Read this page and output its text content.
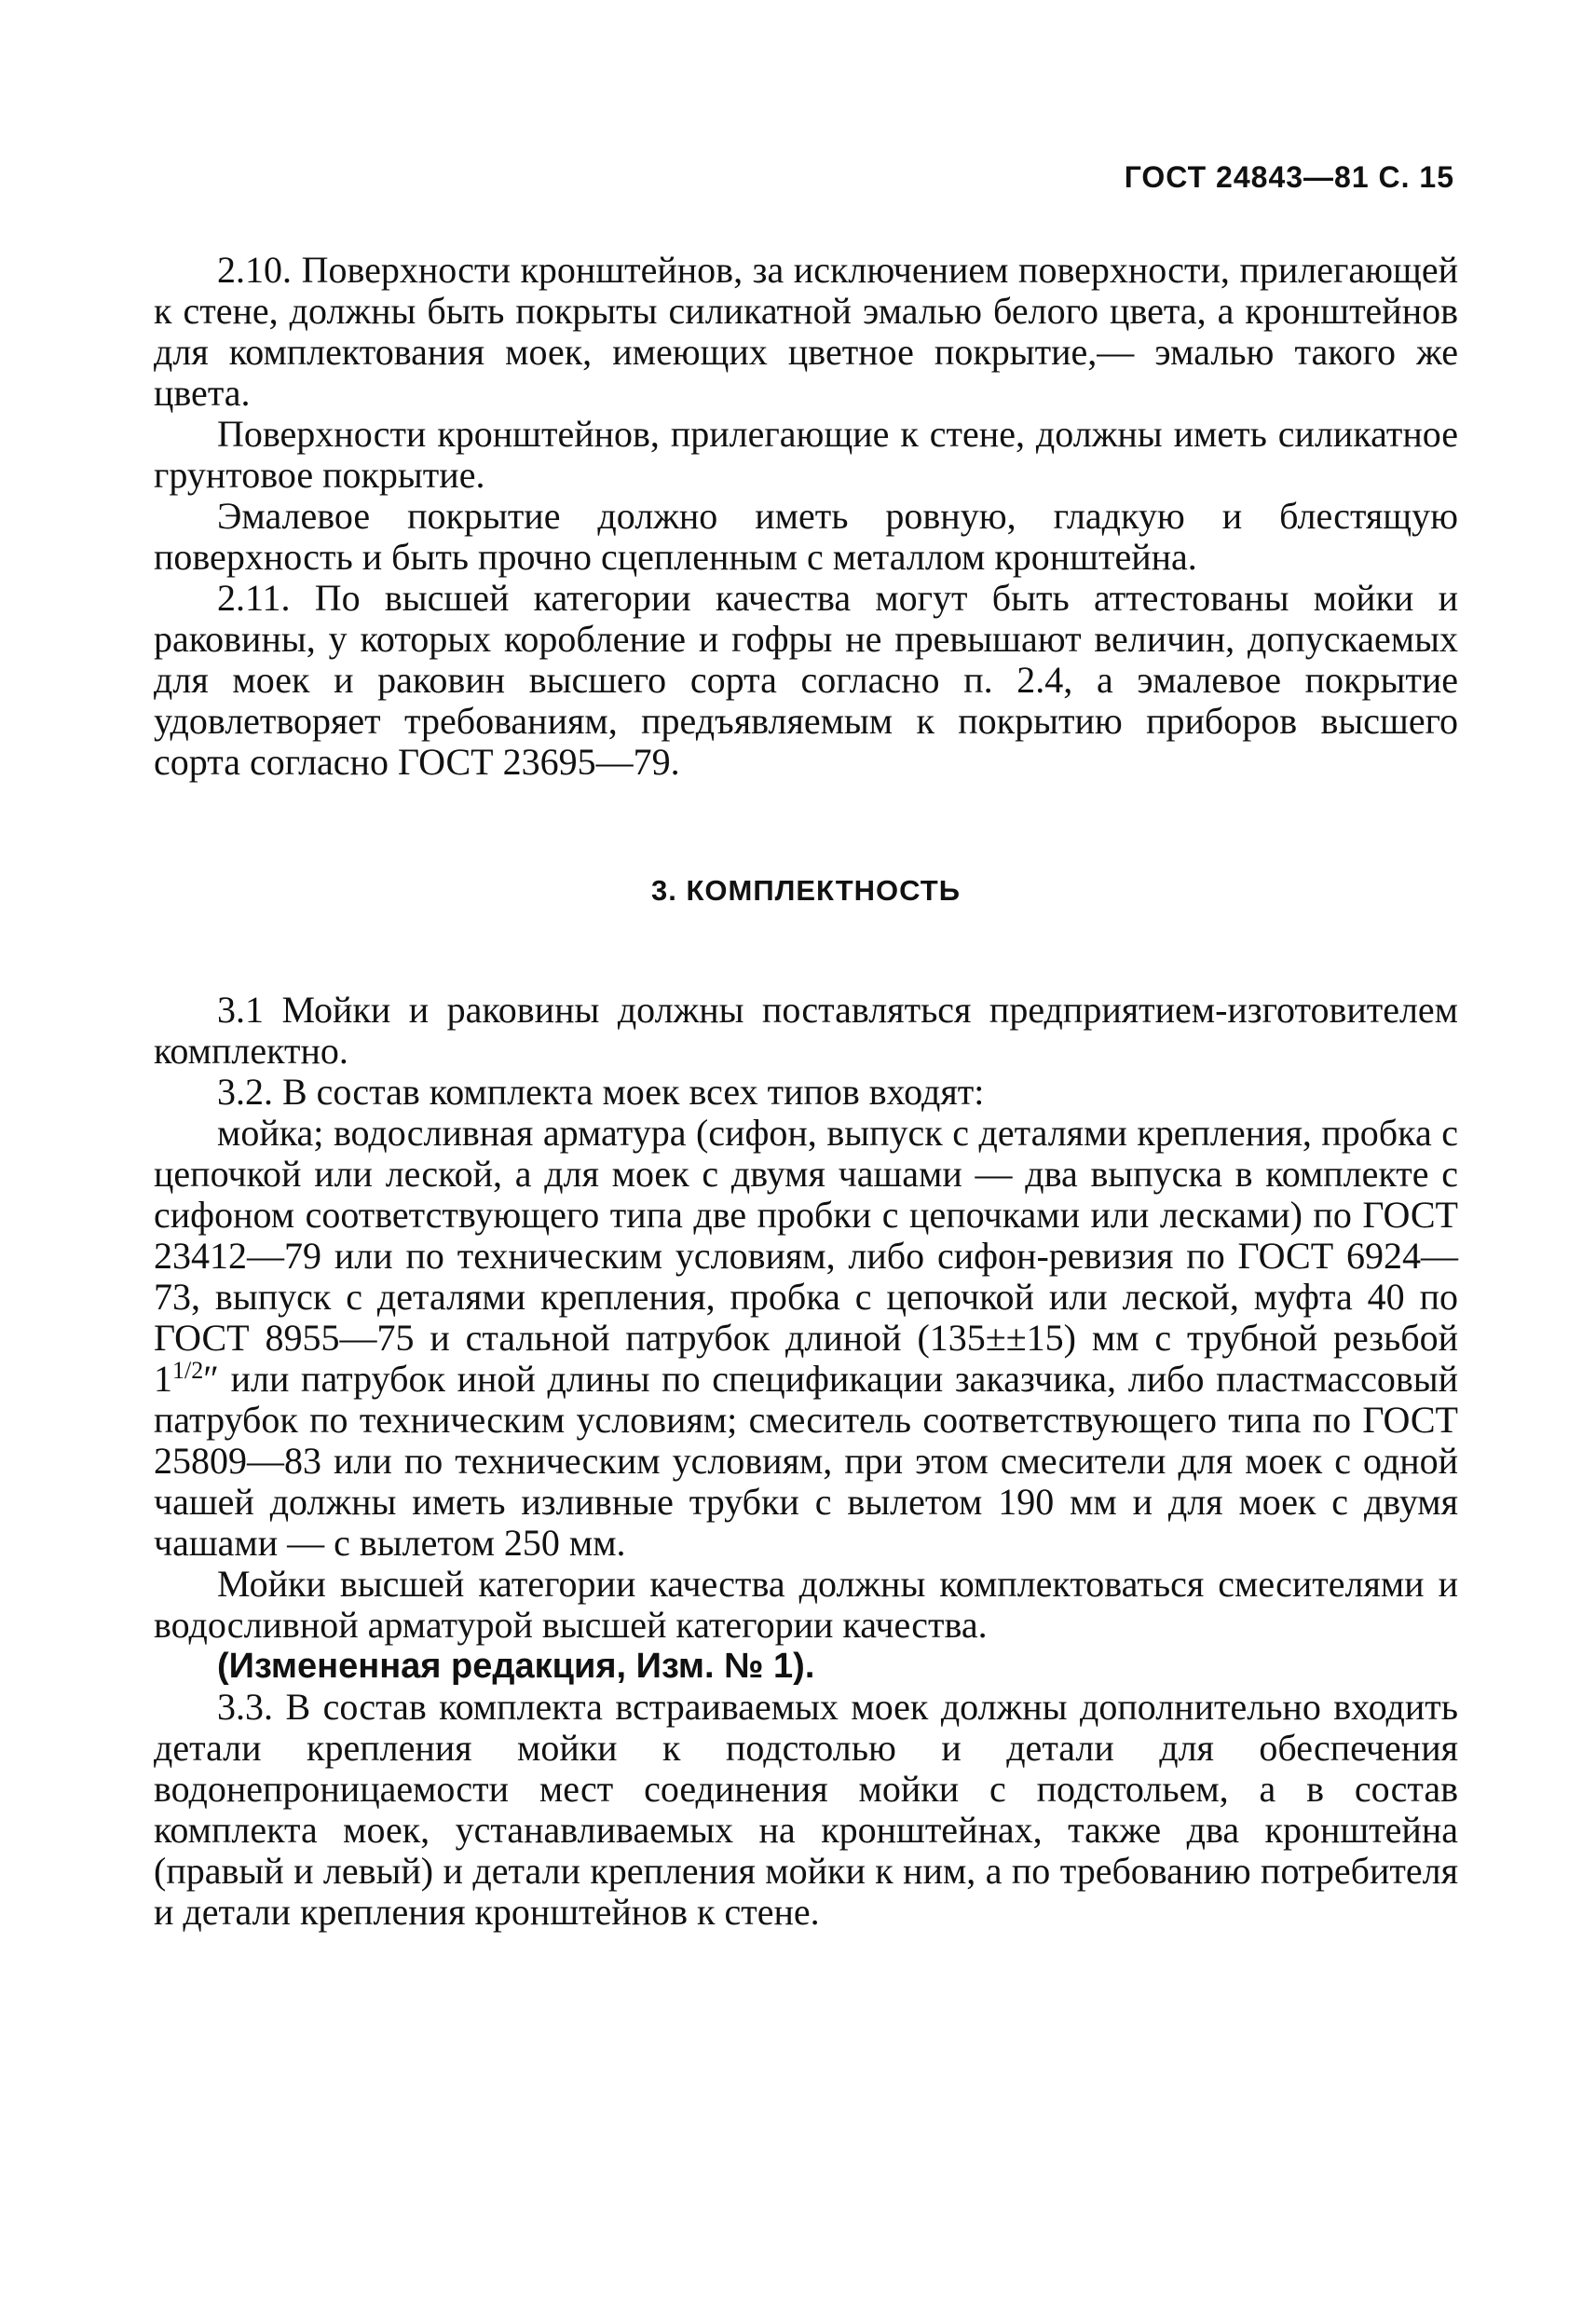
ГОСТ 24843—81 С. 15

2.10. Поверхности кронштейнов, за исключением поверхности, прилегающей к стене, должны быть покрыты силикатной эмалью белого цвета, а кронштейнов для комплектования моек, имеющих цветное покрытие,— эмалью такого же цвета.

Поверхности кронштейнов, прилегающие к стене, должны иметь силикатное грунтовое покрытие.

Эмалевое покрытие должно иметь ровную, гладкую и блестящую поверхность и быть прочно сцепленным с металлом кронштейна.

2.11. По высшей категории качества могут быть аттестованы мойки и раковины, у которых коробление и гофры не превышают величин, допускаемых для моек и раковин высшего сорта согласно п. 2.4, а эмалевое покрытие удовлетворяет требованиям, предъявляемым к покрытию приборов высшего сорта согласно ГОСТ 23695—79.

3. КОМПЛЕКТНОСТЬ

3.1 Мойки и раковины должны поставляться предприятием-изготовителем комплектно.

3.2. В состав комплекта моек всех типов входят:

мойка; водосливная арматура (сифон, выпуск с деталями крепления, пробка с цепочкой или леской, а для моек с двумя чашами — два выпуска в комплекте с сифоном соответствующего типа две пробки с цепочками или лесками) по ГОСТ 23412—79 или по техническим условиям, либо сифон-ревизия по ГОСТ 6924—73, выпуск с деталями крепления, пробка с цепочкой или леской, муфта 40 по ГОСТ 8955—75 и стальной патрубок длиной (135±±15) мм с трубной резьбой $1^{1/2}''$ или патрубок иной длины по спецификации заказчика, либо пластмассовый патрубок по техническим условиям; смеситель соответствующего типа по ГОСТ 25809—83 или по техническим условиям, при этом смесители для моек с одной чашей должны иметь изливные трубки с вылетом 190 мм и для моек с двумя чашами — с вылетом 250 мм.

Мойки высшей категории качества должны комплектоваться смесителями и водосливной арматурой высшей категории качества.

(Измененная редакция, Изм. № 1).

3.3. В состав комплекта встраиваемых моек должны дополнительно входить детали крепления мойки к подстолью и детали для обеспечения водонепроницаемости мест соединения мойки с подстольем, а в состав комплекта моек, устанавливаемых на кронштейнах, также два кронштейна (правый и левый) и детали крепления мойки к ним, а по требованию потребителя и детали крепления кронштейнов к стене.
